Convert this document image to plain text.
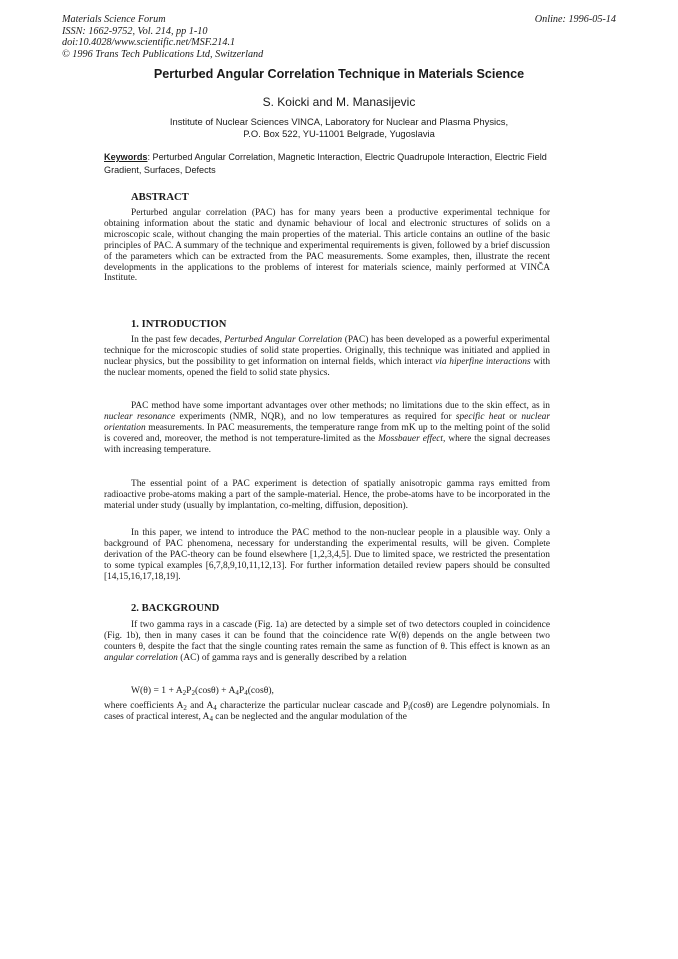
Materials Science Forum
ISSN: 1662-9752, Vol. 214, pp 1-10
doi:10.4028/www.scientific.net/MSF.214.1
© 1996 Trans Tech Publications Ltd, Switzerland
Online: 1996-05-14
Perturbed Angular Correlation Technique in Materials Science
S. Koicki and M. Manasijevic
Institute of Nuclear Sciences VINCA, Laboratory for Nuclear and Plasma Physics,
P.O. Box 522, YU-11001 Belgrade, Yugoslavia
Keywords: Perturbed Angular Correlation, Magnetic Interaction, Electric Quadrupole Interaction, Electric Field Gradient, Surfaces, Defects
ABSTRACT
Perturbed angular correlation (PAC) has for many years been a productive experimental technique for obtaining information about the static and dynamic behaviour of local and electronic structures of solids on a microscopic scale, without changing the main properties of the material. This article contains an outline of the basic principles of PAC. A summary of the technique and experimental requirements is given, followed by a brief discussion of the parameters which can be extracted from the PAC measurements. Some examples, then, illustrate the recent developments in the applications to the problems of interest for materials science, mainly performed at VINČA Institute.
1. INTRODUCTION
In the past few decades, Perturbed Angular Correlation (PAC) has been developed as a powerful experimental technique for the microscopic studies of solid state properties. Originally, this technique was initiated and applied in nuclear physics, but the possibility to get information on internal fields, which interact via hiperfine interactions with the nuclear moments, opened the field to solid state physics.
PAC method have some important advantages over other methods; no limitations due to the skin effect, as in nuclear resonance experiments (NMR, NQR), and no low temperatures as required for specific heat or nuclear orientation measurements. In PAC measurements, the temperature range from mK up to the melting point of the solid is covered and, moreover, the method is not temperature-limited as the Mossbauer effect, where the signal decreases with increasing temperature.
The essential point of a PAC experiment is detection of spatially anisotropic gamma rays emitted from radioactive probe-atoms making a part of the sample-material. Hence, the probe-atoms have to be incorporated in the material under study (usually by implantation, co-melting, diffusion, deposition).
In this paper, we intend to introduce the PAC method to the non-nuclear people in a plausible way. Only a background of PAC phenomena, necessary for understanding the experimental results, will be given. Complete derivation of the PAC-theory can be found elsewhere [1,2,3,4,5]. Due to limited space, we restricted the presentation to some typical examples [6,7,8,9,10,11,12,13]. For further information detailed review papers should be consulted [14,15,16,17,18,19].
2. BACKGROUND
If two gamma rays in a cascade (Fig. 1a) are detected by a simple set of two detectors coupled in coincidence (Fig. 1b), then in many cases it can be found that the coincidence rate W(θ) depends on the angle between two counters θ, despite the fact that the single counting rates remain the same as function of θ. This effect is known as an angular correlation (AC) of gamma rays and is generally described by a relation
$W(\theta) = 1 + A_2P_2(\cos\theta) + A_4P_4(\cos\theta)$,
where coefficients $A_2$ and $A_4$ characterize the particular nuclear cascade and $P_i(\cos\theta)$ are Legendre polynomials. In cases of practical interest, $A_4$ can be neglected and the angular modulation of the
